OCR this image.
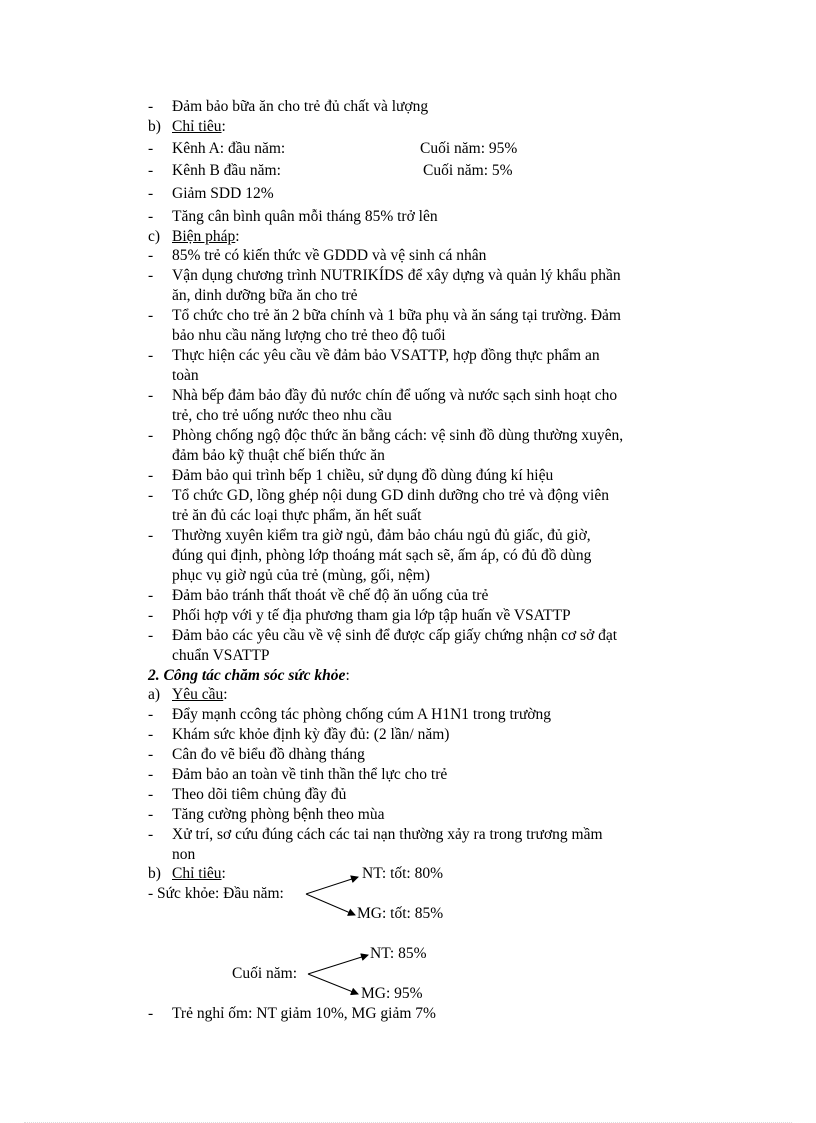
- Đảm bảo bữa ăn cho trẻ đủ chất và lượng
b) Chỉ tiêu:
- Kênh A: đầu năm:	Cuối năm: 95%
- Kênh B đầu năm:	Cuối năm: 5%
- Giảm SDD 12%
- Tăng cân bình quân mỗi tháng 85% trở lên
c) Biện pháp:
- 85% trẻ có kiến thức về GDDD và vệ sinh cá nhân
- Vận dụng chương trình NUTRIKÍDS để xây dựng và quản lý khẩu phần
ăn, dinh dưỡng bữa ăn cho trẻ
- Tổ chức cho trẻ ăn 2 bữa chính và 1 bữa phụ và ăn sáng tại trường. Đảm
bảo nhu cầu năng lượng cho trẻ theo độ tuổi
- Thực hiện các yêu cầu về đảm bảo VSATTP, hợp đồng thực phẩm an
toàn
- Nhà bếp đảm bảo đầy đủ nước chín để uống và nước sạch sinh hoạt cho
trẻ, cho trẻ uống nước theo nhu cầu
- Phòng chống ngộ độc thức ăn bằng cách: vệ sinh đồ dùng thường xuyên,
đảm bảo kỹ thuật chế biến thức ăn
- Đảm bảo qui trình bếp 1 chiều, sử dụng đồ dùng đúng kí hiệu
- Tổ chức GD, lồng ghép nội dung GD dinh dưỡng cho trẻ và động viên
trẻ ăn đủ các loại thực phẩm, ăn hết suất
- Thường xuyên kiểm tra giờ ngủ, đảm bảo cháu ngủ đủ giấc, đủ giờ,
đúng qui định, phòng lớp thoáng mát sạch sẽ, ấm áp, có đủ đồ dùng
phục vụ giờ ngủ của trẻ (mùng, gối, nệm)
- Đảm bảo tránh thất thoát về chế độ ăn uống của trẻ
- Phối hợp với y tế địa phương tham gia lớp tập huấn về VSATTP
- Đảm bảo các yêu cầu về vệ sinh để được cấp giấy chứng nhận cơ sở đạt
chuẩn VSATTP
2. Công tác chăm sóc sức khỏe:
a) Yêu cầu:
- Đẩy mạnh ccông tác phòng chống cúm A H1N1 trong trường
- Khám sức khỏe định kỳ đầy đủ: (2 lần/ năm)
- Cân đo vẽ biểu đồ dhàng tháng
- Đảm bảo an toàn về tinh thần thể lực cho trẻ
- Theo dõi tiêm chủng đầy đủ
- Tăng cường phòng bệnh theo mùa
- Xử trí, sơ cứu đúng cách các tai nạn thường xảy ra trong trương mầm
non
b) Chỉ tiêu:	NT: tốt: 80%
- Sức khỏe: Đầu năm:
MG: tốt: 85%
NT: 85%
Cuối năm:
MG: 95%
- Trẻ nghỉ ốm: NT giảm 10%, MG giảm 7%
